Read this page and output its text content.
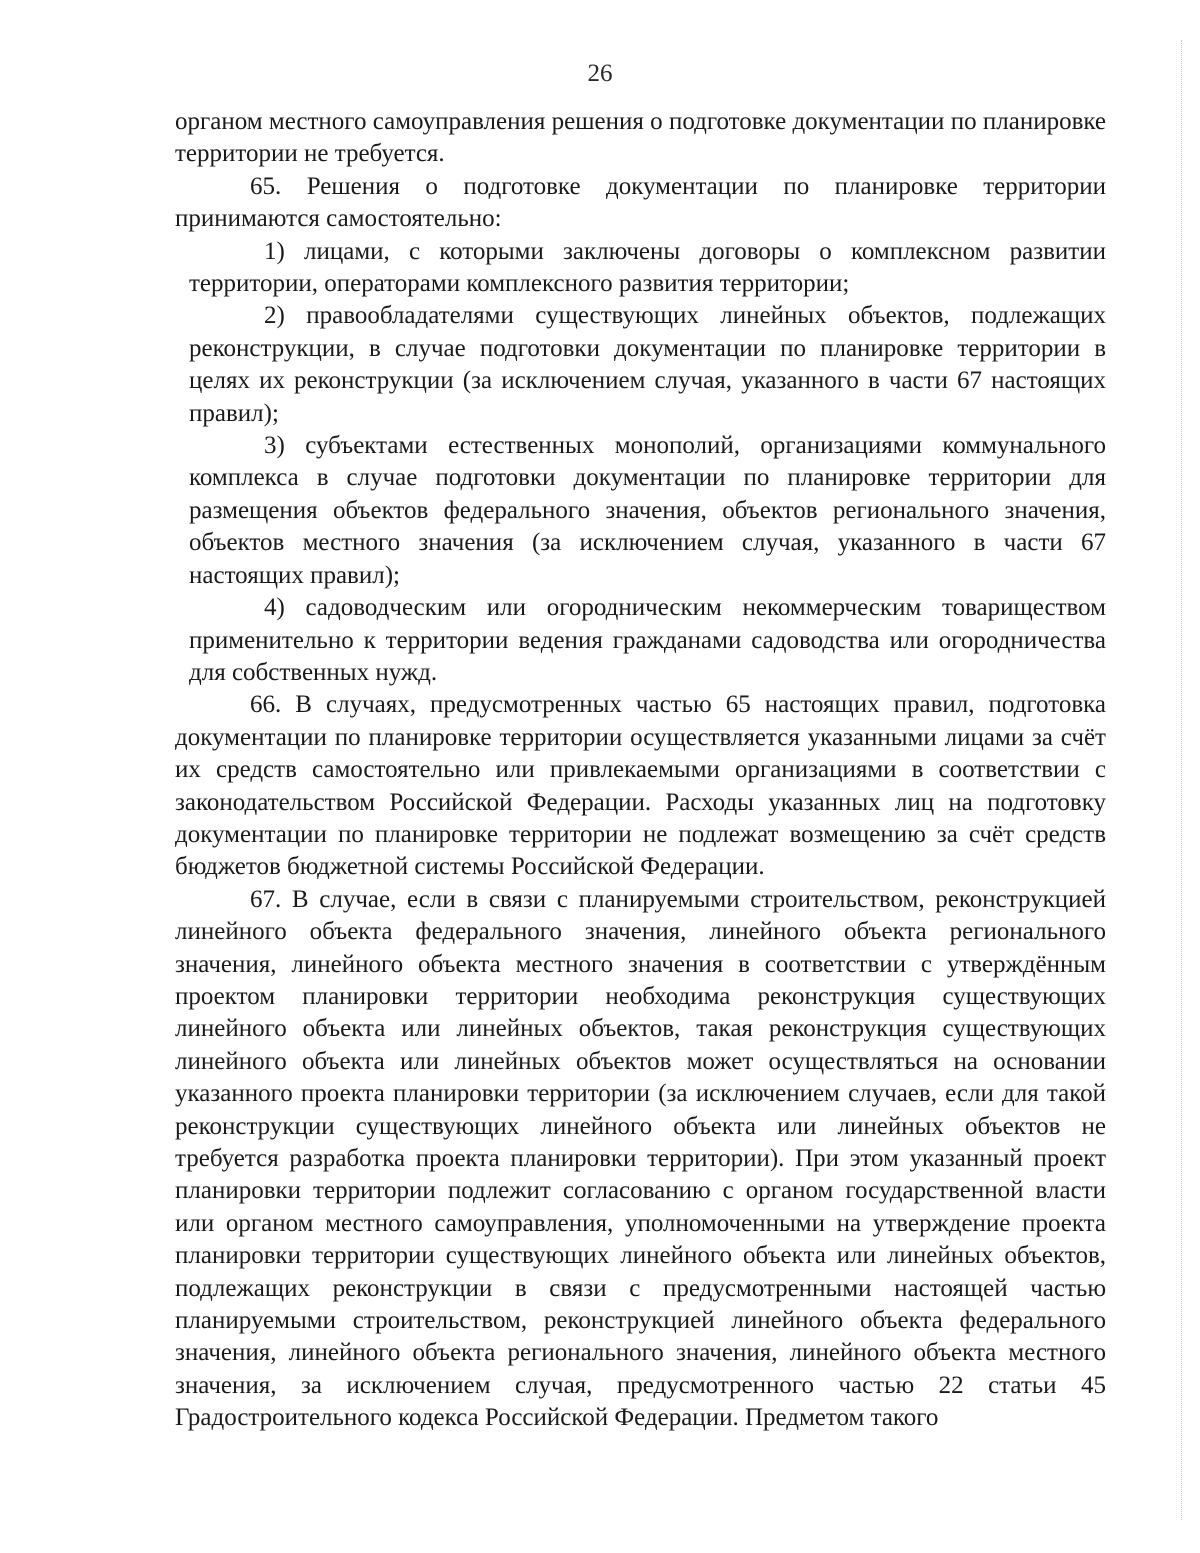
26

органом местного самоуправления решения о подготовке документации по планировке территории не требуется.

65. Решения о подготовке документации по планировке территории принимаются самостоятельно:

1) лицами, с которыми заключены договоры о комплексном развитии территории, операторами комплексного развития территории;

2) правообладателями существующих линейных объектов, подлежащих реконструкции, в случае подготовки документации по планировке территории в целях их реконструкции (за исключением случая, указанного в части 67 настоящих правил);

3) субъектами естественных монополий, организациями коммунального комплекса в случае подготовки документации по планировке территории для размещения объектов федерального значения, объектов регионального значения, объектов местного значения (за исключением случая, указанного в части 67 настоящих правил);

4) садоводческим или огородническим некоммерческим товариществом применительно к территории ведения гражданами садоводства или огородничества для собственных нужд.

66. В случаях, предусмотренных частью 65 настоящих правил, подготовка документации по планировке территории осуществляется указанными лицами за счёт их средств самостоятельно или привлекаемыми организациями в соответствии с законодательством Российской Федерации. Расходы указанных лиц на подготовку документации по планировке территории не подлежат возмещению за счёт средств бюджетов бюджетной системы Российской Федерации.

67. В случае, если в связи с планируемыми строительством, реконструкцией линейного объекта федерального значения, линейного объекта регионального значения, линейного объекта местного значения в соответствии с утверждённым проектом планировки территории необходима реконструкция существующих линейного объекта или линейных объектов, такая реконструкция существующих линейного объекта или линейных объектов может осуществляться на основании указанного проекта планировки территории (за исключением случаев, если для такой реконструкции существующих линейного объекта или линейных объектов не требуется разработка проекта планировки территории). При этом указанный проект планировки территории подлежит согласованию с органом государственной власти или органом местного самоуправления, уполномоченными на утверждение проекта планировки территории существующих линейного объекта или линейных объектов, подлежащих реконструкции в связи с предусмотренными настоящей частью планируемыми строительством, реконструкцией линейного объекта федерального значения, линейного объекта регионального значения, линейного объекта местного значения, за исключением случая, предусмотренного частью 22 статьи 45 Градостроительного кодекса Российской Федерации. Предметом такого
